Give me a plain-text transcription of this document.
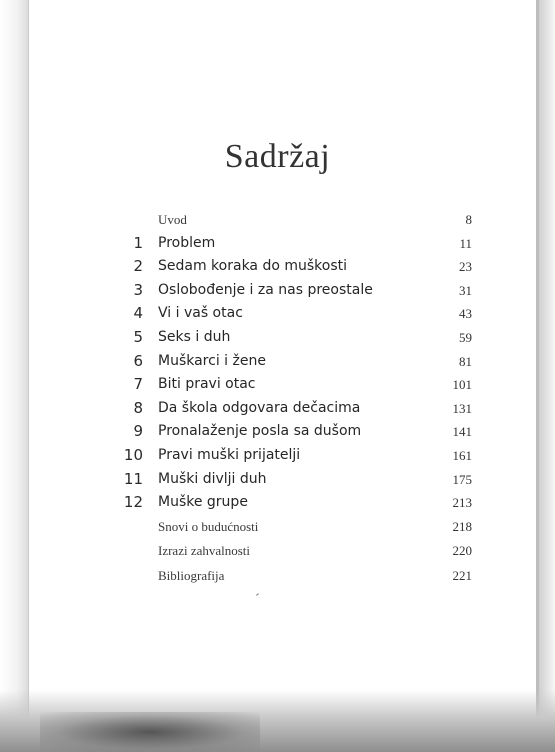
Sadržaj
Uvod	8
1 Problem	11
2 Sedam koraka do muškosti	23
3 Oslobođenje i za nas preostale	31
4 Vi i vaš otac	43
5 Seks i duh	59
6 Muškarci i žene	81
7 Biti pravi otac	101
8 Da škola odgovara dečacima	131
9 Pronalaženje posla sa dušom	141
10 Pravi muški prijatelji	161
11 Muški divlji duh	175
12 Muške grupe	213
Snovi o budućnosti	218
Izrazi zahvalnosti	220
Bibliografija	221
